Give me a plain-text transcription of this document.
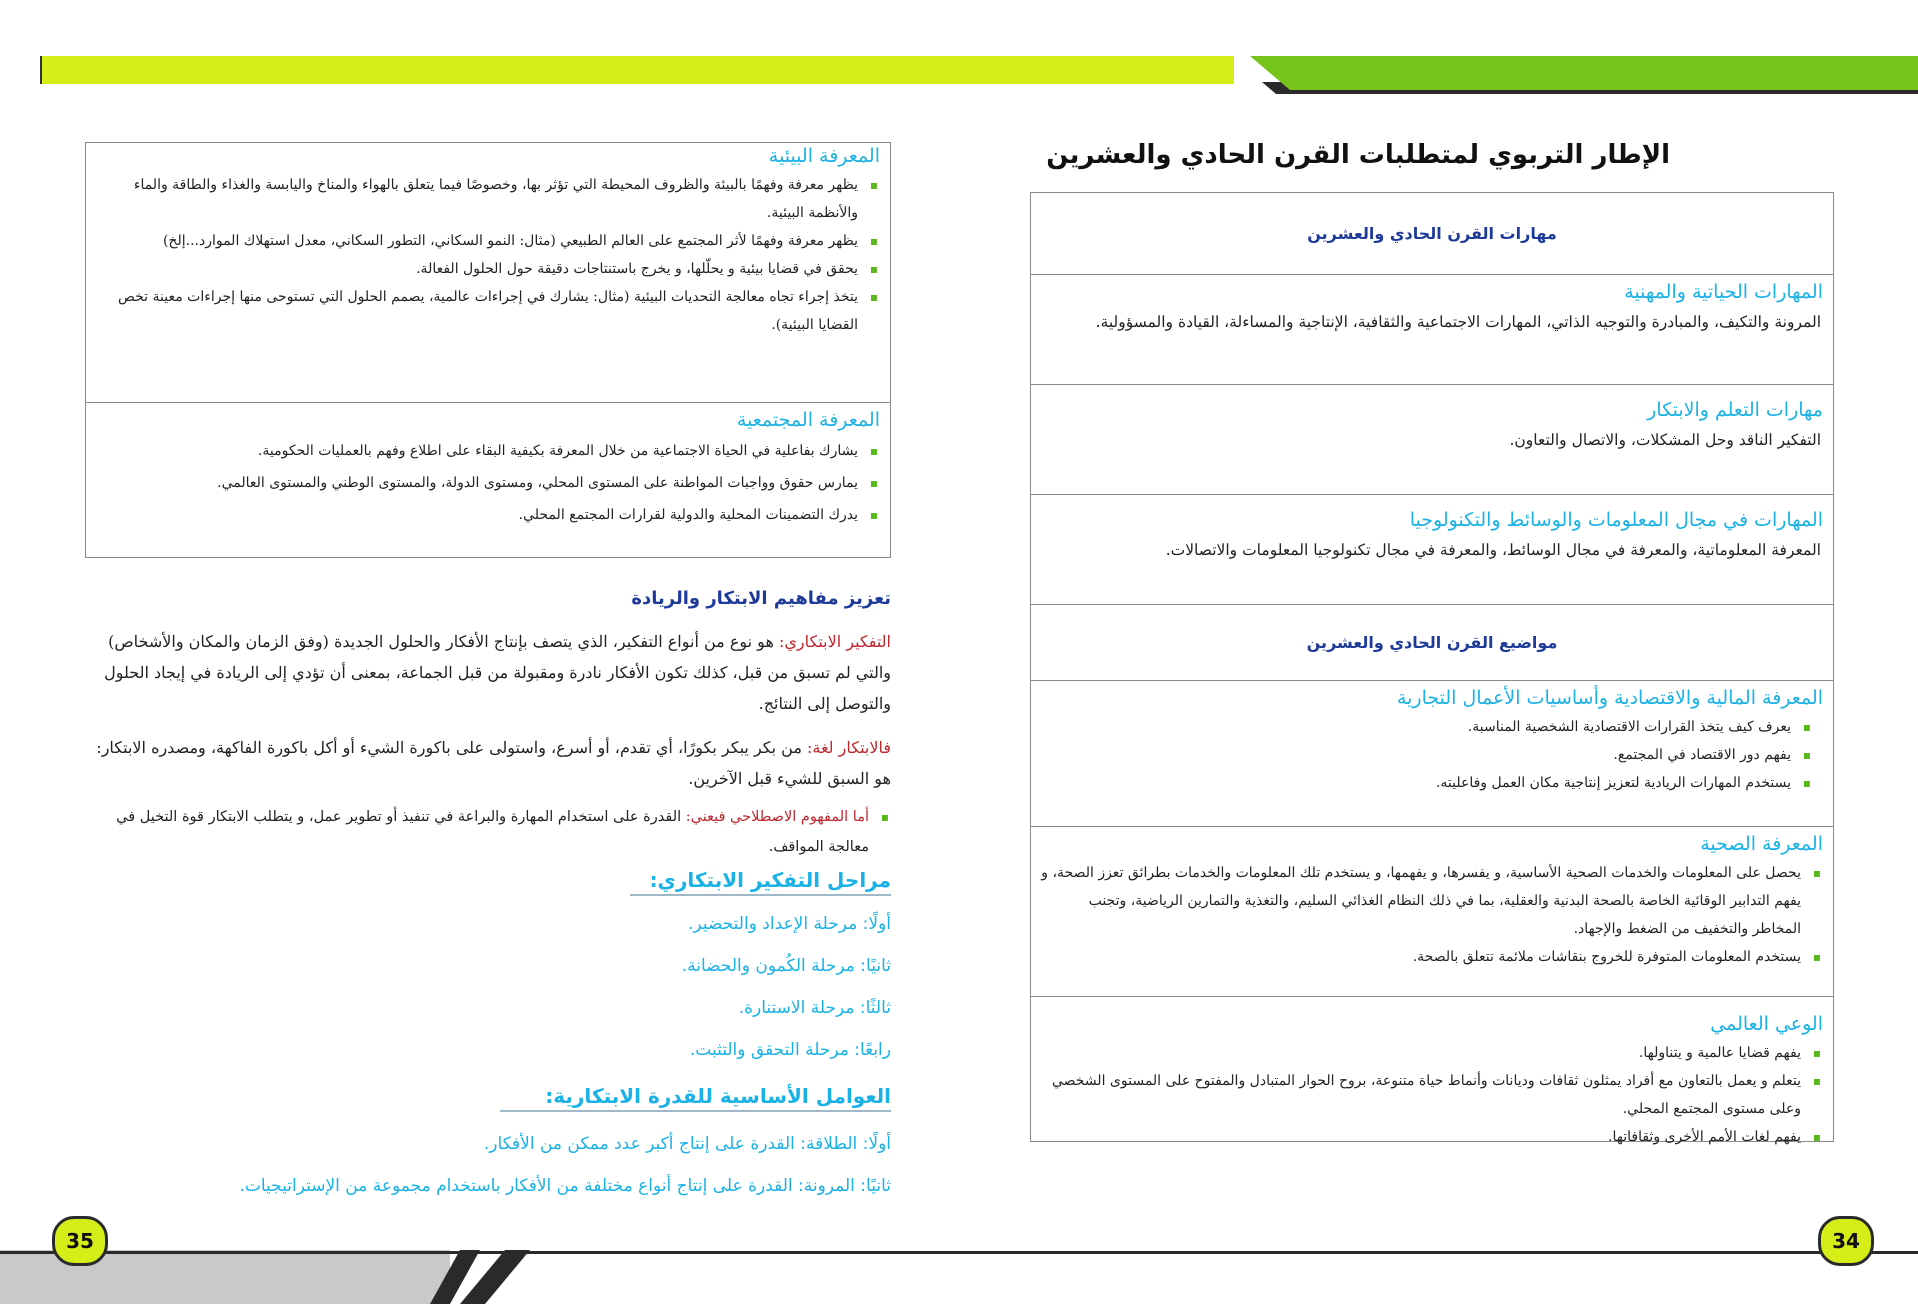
35	34
الإطار التربوي لمتطلبات القرن الحادي والعشرين
مهارات القرن الحادي والعشرين
المهارات الحياتية والمهنية
المرونة والتكيف، والمبادرة والتوجيه الذاتي، المهارات الاجتماعية والثقافية، الإنتاجية والمساءلة، القيادة والمسؤولية.
مهارات التعلم والابتكار
التفكير الناقد وحل المشكلات، والاتصال والتعاون.
المهارات في مجال المعلومات والوسائط والتكنولوجيا
المعرفة المعلوماتية، والمعرفة في مجال الوسائط، والمعرفة في مجال تكنولوجيا المعلومات والاتصالات.
مواضيع القرن الحادي والعشرين
المعرفة المالية والاقتصادية وأساسيات الأعمال التجارية
▪
يعرف كيف يتخذ القرارات الاقتصادية الشخصية المناسبة.
▪
يفهم دور الاقتصاد في المجتمع.
▪
يستخدم المهارات الريادية لتعزيز إنتاجية مكان العمل وفاعليته.
المعرفة الصحية
▪
يحصل على المعلومات والخدمات الصحية الأساسية، و يفسرها، و يفهمها، و يستخدم تلك المعلومات والخدمات بطرائق تعزز الصحة، و يفهم التدابير الوقائية الخاصة بالصحة البدنية والعقلية، بما في ذلك النظام الغذائي السليم، والتغذية والتمارين الرياضية، وتجنب المخاطر والتخفيف من الضغط والإجهاد.
▪
يستخدم المعلومات المتوفرة للخروج بنقاشات ملائمة تتعلق بالصحة.
الوعي العالمي
▪
يفهم قضايا عالمية و يتناولها.
▪
يتعلم و يعمل بالتعاون مع أفراد يمثلون ثقافات وديانات وأنماط حياة متنوعة، بروح الحوار المتبادل والمفتوح على المستوى الشخصي وعلى مستوى المجتمع المحلي.
▪
يفهم لغات الأمم الأخرى وثقافاتها.
المعرفة البيئية
▪
يظهر معرفة وفهمًا بالبيئة والظروف المحيطة التي تؤثر بها، وخصوصًا فيما يتعلق بالهواء والمناخ واليابسة والغذاء والطاقة والماء والأنظمة البيئية.
▪
يظهر معرفة وفهمًا لأثر المجتمع على العالم الطبيعي (مثال: النمو السكاني، التطور السكاني، معدل استهلاك الموارد...إلخ)
▪
يحقق في قضايا بيئية و يحلّلها، و يخرج باستنتاجات دقيقة حول الحلول الفعالة.
▪
يتخذ إجراء تجاه معالجة التحديات البيئية (مثال: يشارك في إجراءات عالمية، يصمم الحلول التي تستوحى منها إجراءات معينة تخص القضايا البيئية).
المعرفة المجتمعية
▪
يشارك بفاعلية في الحياة الاجتماعية من خلال المعرفة بكيفية البقاء على اطلاع وفهم بالعمليات الحكومية.
▪
يمارس حقوق وواجبات المواطنة على المستوى المحلي، ومستوى الدولة، والمستوى الوطني والمستوى العالمي.
▪
يدرك التضمينات المحلية والدولية لقرارات المجتمع المحلي.
تعزيز مفاهيم الابتكار والريادة
التفكير الابتكاري: هو نوع من أنواع التفكير، الذي يتصف بإنتاج الأفكار والحلول الجديدة (وفق الزمان والمكان والأشخاص) والتي لم تسبق من قبل، كذلك تكون الأفكار نادرة ومقبولة من قبل الجماعة، بمعنى أن تؤدي إلى الريادة في إيجاد الحلول والتوصل إلى النتائج.
فالابتكار لغة: من بكر يبكر بكورًا، أي تقدم، أو أسرع، واستولى على باكورة الشيء أو أكل باكورة الفاكهة، ومصدره الابتكار: هو السبق للشيء قبل الآخرين.
▪
أما المفهوم الاصطلاحي فيعني: القدرة على استخدام المهارة والبراعة في تنفيذ أو تطوير عمل، و يتطلب الابتكار قوة التخيل في معالجة المواقف.
مراحل التفكير الابتكاري:
أولًا: مرحلة الإعداد والتحضير.
ثانيًا: مرحلة الكُمون والحضانة.
ثالثًا: مرحلة الاستنارة.
رابعًا: مرحلة التحقق والتثبت.
العوامل الأساسية للقدرة الابتكارية:
أولًا: الطلاقة: القدرة على إنتاج أكبر عدد ممكن من الأفكار.
ثانيًا: المرونة: القدرة على إنتاج أنواع مختلفة من الأفكار باستخدام مجموعة من الإستراتيجيات.
